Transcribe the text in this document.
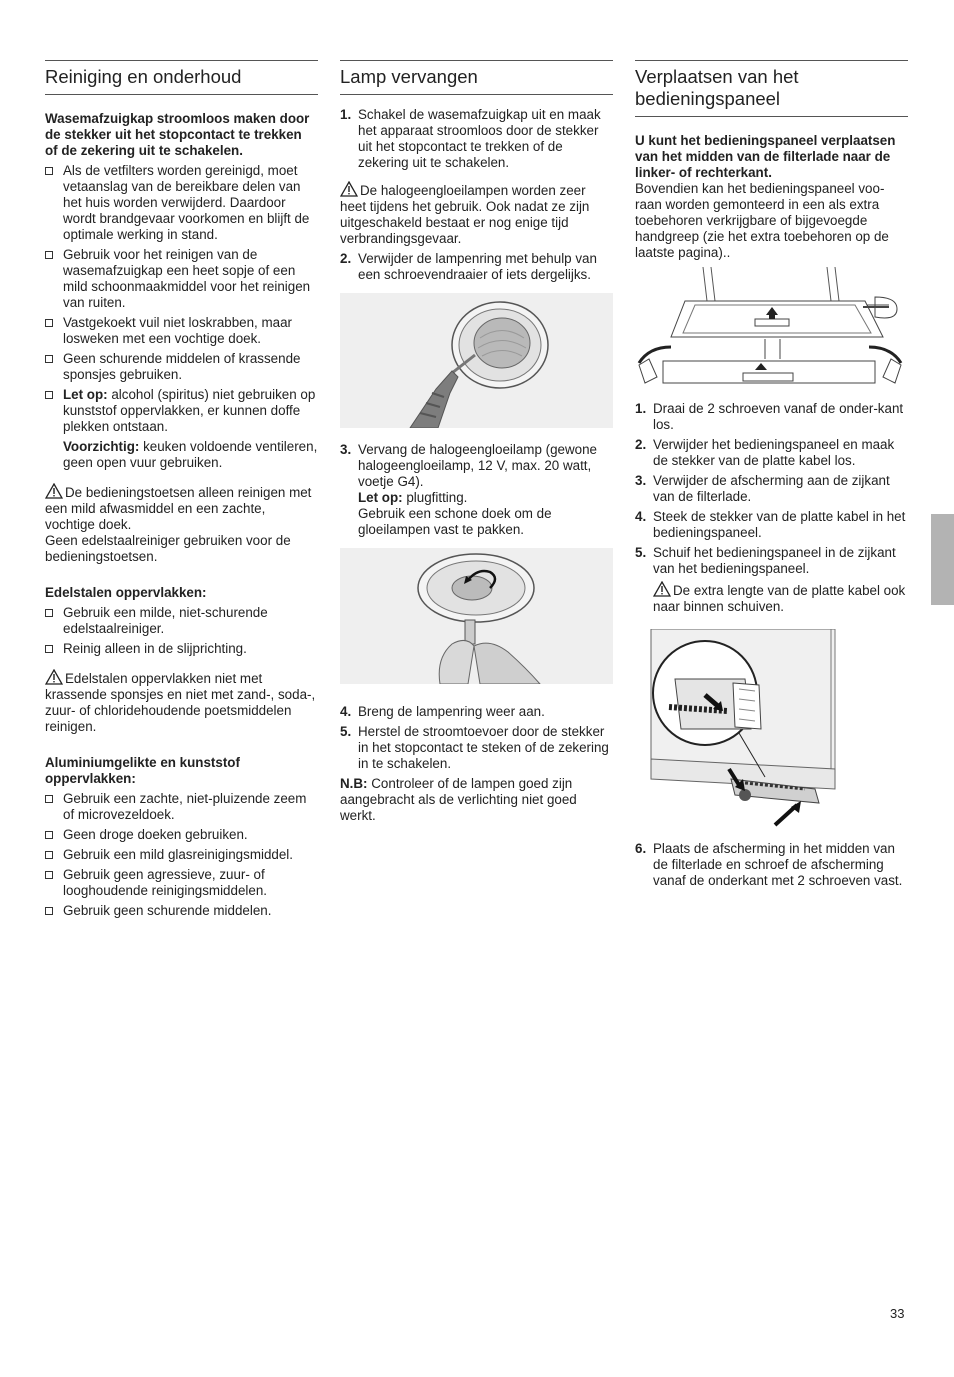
Reiniging en onderhoud

Wasemafzuigkap stroomloos maken door de stekker uit het stopcontact te trekken of de zekering uit te schakelen.

Als de vetfilters worden gereinigd, moet vetaanslag van de bereikbare delen van het huis worden verwijderd. Daardoor wordt brandgevaar voorkomen en blijft de optimale werking in stand.
Gebruik voor het reinigen van de wasemafzuigkap een heet sopje of een mild schoonmaakmiddel voor het reinigen van ruiten.
Vastgekoekt vuil niet loskrabben, maar losweken met een vochtige doek.
Geen schurende middelen of krassende sponsjes gebruiken.
Let op: alcohol (spiritus) niet gebruiken op kunststof oppervlakken, er kunnen doffe plekken ontstaan.
Voorzichtig: keuken voldoende ventileren, geen open vuur gebruiken.
De bedieningstoetsen alleen reinigen met een mild afwasmiddel en een zachte, vochtige doek.
Geen edelstaalreiniger gebruiken voor de bedieningstoetsen.

Edelstalen oppervlakken:

Gebruik een milde, niet-schurende edelstaalreiniger.
Reinig alleen in de slijprichting.
Edelstalen oppervlakken niet met krassende sponsjes en niet met zand-, soda-, zuur- of chloridehoudende poetsmiddelen reinigen.

Aluminiumgelikte en kunststof oppervlakken:

Gebruik een zachte, niet-pluizende zeem of microvezeldoek.
Geen droge doeken gebruiken.
Gebruik een mild glasreinigingsmiddel.
Gebruik geen agressieve, zuur- of looghoudende reinigingsmiddelen.
Gebruik geen schurende middelen.
Lamp vervangen
1. Schakel de wasemafzuigkap uit en maak het apparaat stroomloos door de stekker uit het stopcontact te trekken of de zekering uit te schakelen.
De halogeengloeilampen worden zeer heet tijdens het gebruik. Ook nadat ze zijn uitgeschakeld bestaat er nog enige tijd verbrandingsgevaar.
2. Verwijder de lampenring met behulp van een schroevendraaier of iets dergelijks.
3. Vervang de halogeengloeilamp (gewone halogeengloeilamp, 12 V, max. 20 watt, voetje G4).
Let op: plugfitting.
Gebruik een schone doek om de gloeilampen vast te pakken.
4. Breng de lampenring weer aan.
5. Herstel de stroomtoevoer door de stekker in het stopcontact te steken of de zekering in te schakelen.

N.B: Controleer of de lampen goed zijn aangebracht als de verlichting niet goed werkt.

Verplaatsen van het bedieningspaneel

U kunt het bedieningspaneel verplaatsen van het midden van de filterlade naar de linker- of rechterkant.

Bovendien kan het bedieningspaneel voo-raan worden gemonteerd in een als extra toebehoren verkrijgbare of bijgevoegde handgreep (zie het extra toebehoren op de laatste pagina)..

1. Draai de 2 schroeven vanaf de onder-kant los.
2. Verwijder het bedieningspaneel en maak de stekker van de platte kabel los.
3. Verwijder de afscherming aan de zijkant van de filterlade.
4. Steek de stekker van de platte kabel in het bedieningspaneel.
5. Schuif het bedieningspaneel in de zijkant van het bedieningspaneel.
De extra lengte van de platte kabel ook naar binnen schuiven.
6. Plaats de afscherming in het midden van de filterlade en schroef de afscherming vanaf de onderkant met 2 schroeven vast.
33
